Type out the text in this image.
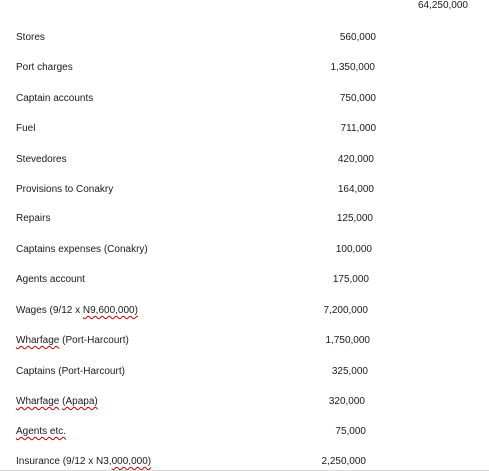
64,250,000
Stores	560,000
Port charges	1,350,000
Captain accounts	750,000
Fuel	711,000
Stevedores	420,000
Provisions to Conakry	164,000
Repairs	125,000
Captains expenses (Conakry)	100,000
Agents account	175,000
Wages (9/12 x N9,600,000)	7,200,000
Wharfage (Port-Harcourt)	1,750,000
Captains (Port-Harcourt)	325,000
Wharfage (Apapa)	320,000
Agents etc.	75,000
Insurance (9/12 x N3,000,000)	2,250,000
